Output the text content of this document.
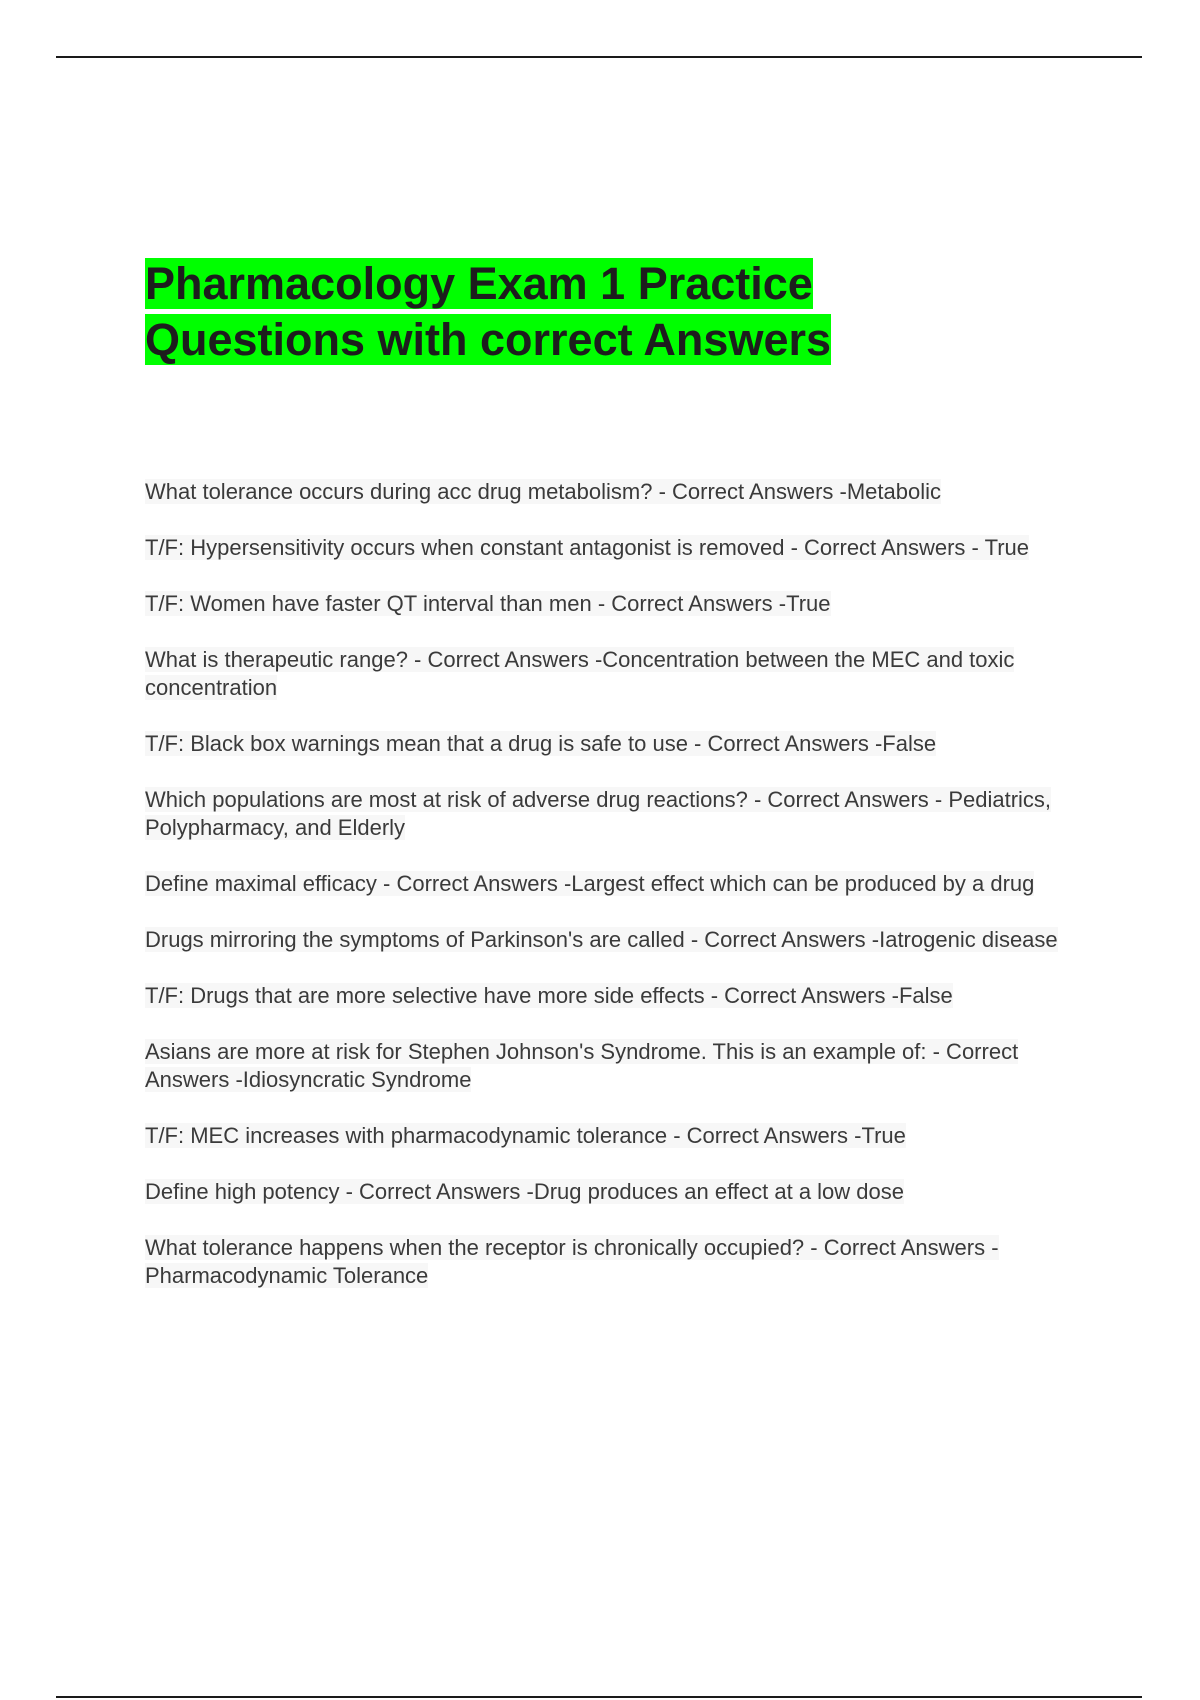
Pharmacology Exam 1 Practice
Questions with correct Answers
What tolerance occurs during acc drug metabolism? - Correct Answers -Metabolic
T/F: Hypersensitivity occurs when constant antagonist is removed - Correct Answers - True
T/F: Women have faster QT interval than men - Correct Answers -True
What is therapeutic range? - Correct Answers -Concentration between the MEC and toxic concentration
T/F: Black box warnings mean that a drug is safe to use - Correct Answers -False
Which populations are most at risk of adverse drug reactions? - Correct Answers - Pediatrics, Polypharmacy, and Elderly
Define maximal efficacy - Correct Answers -Largest effect which can be produced by a drug
Drugs mirroring the symptoms of Parkinson's are called - Correct Answers -Iatrogenic disease
T/F: Drugs that are more selective have more side effects - Correct Answers -False
Asians are more at risk for Stephen Johnson's Syndrome. This is an example of: - Correct Answers -Idiosyncratic Syndrome
T/F: MEC increases with pharmacodynamic tolerance - Correct Answers -True
Define high potency - Correct Answers -Drug produces an effect at a low dose
What tolerance happens when the receptor is chronically occupied? - Correct Answers - Pharmacodynamic Tolerance
